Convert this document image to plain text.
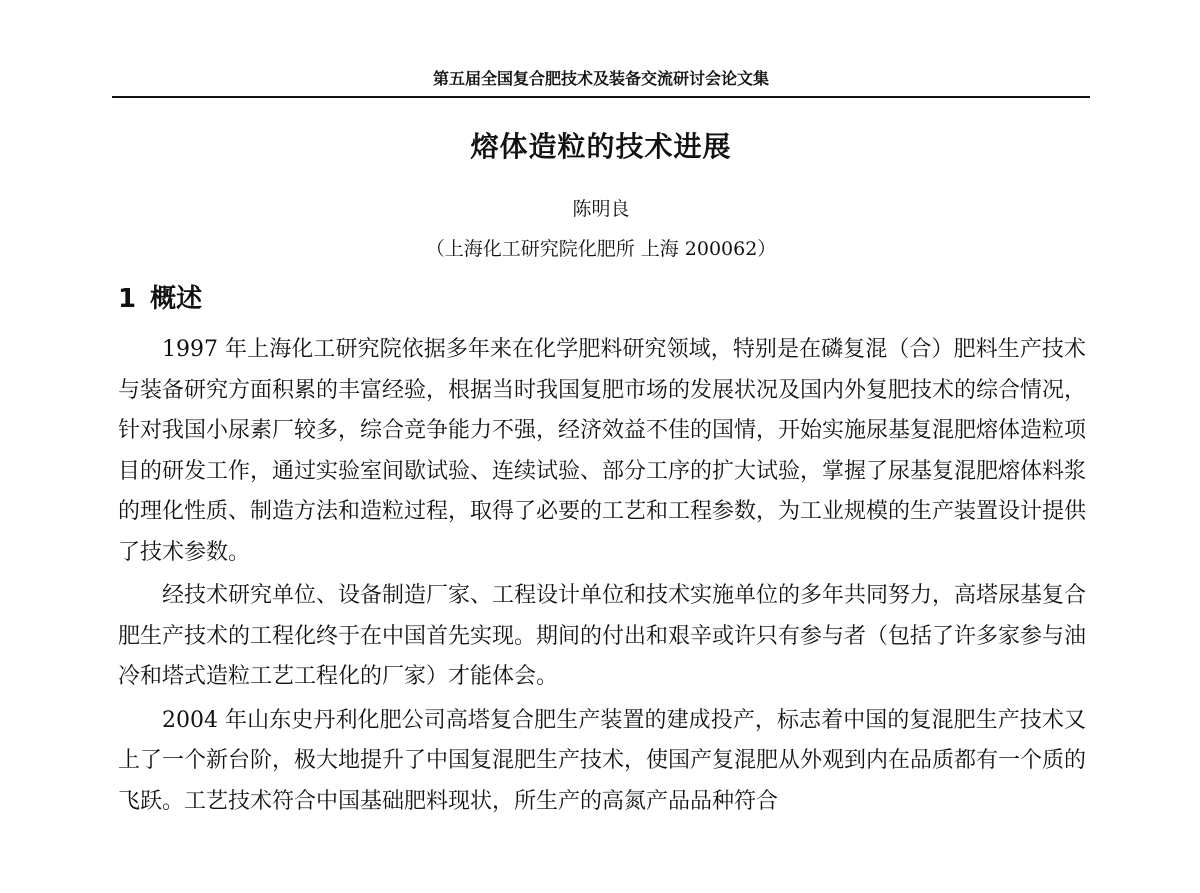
第五届全国复合肥技术及装备交流研讨会论文集
熔体造粒的技术进展
陈明良
（上海化工研究院化肥所 上海 200062）
1 概述

1997 年上海化工研究院依据多年来在化学肥料研究领域，特别是在磷复混（合）肥料生产技术与装备研究方面积累的丰富经验，根据当时我国复肥市场的发展状况及国内外复肥技术的综合情况，针对我国小尿素厂较多，综合竞争能力不强，经济效益不佳的国情，开始实施尿基复混肥熔体造粒项目的研发工作，通过实验室间歇试验、连续试验、部分工序的扩大试验，掌握了尿基复混肥熔体料浆的理化性质、制造方法和造粒过程，取得了必要的工艺和工程参数，为工业规模的生产装置设计提供了技术参数。

经技术研究单位、设备制造厂家、工程设计单位和技术实施单位的多年共同努力，高塔尿基复合肥生产技术的工程化终于在中国首先实现。期间的付出和艰辛或许只有参与者（包括了许多家参与油冷和塔式造粒工艺工程化的厂家）才能体会。

2004 年山东史丹利化肥公司高塔复合肥生产装置的建成投产，标志着中国的复混肥生产技术又上了一个新台阶，极大地提升了中国复混肥生产技术，使国产复混肥从外观到内在品质都有一个质的飞跃。工艺技术符合中国基础肥料现状，所生产的高氮产品品种符合
